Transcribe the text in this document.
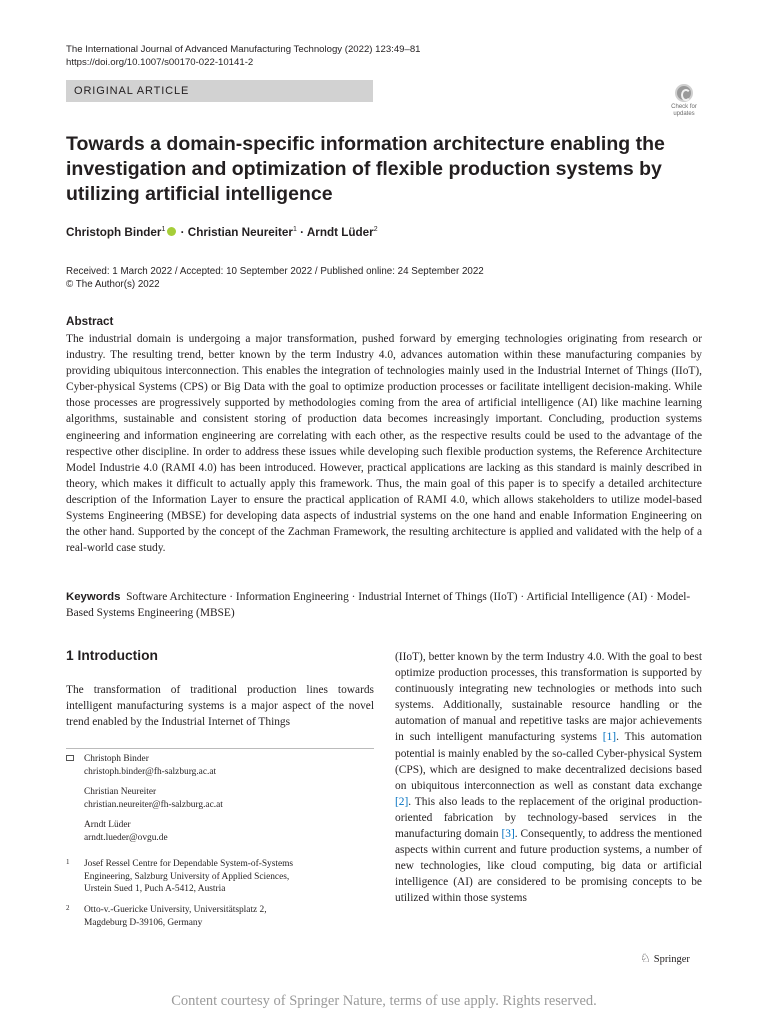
The International Journal of Advanced Manufacturing Technology (2022) 123:49–81
https://doi.org/10.1007/s00170-022-10141-2
ORIGINAL ARTICLE
Check for updates
Towards a domain-specific information architecture enabling the investigation and optimization of flexible production systems by utilizing artificial intelligence
Christoph Binder$^1$ · Christian Neureiter$^1$ · Arndt Lüder$^2$
Received: 1 March 2022 / Accepted: 10 September 2022 / Published online: 24 September 2022
© The Author(s) 2022
Abstract
The industrial domain is undergoing a major transformation, pushed forward by emerging technologies originating from research or industry. The resulting trend, better known by the term Industry 4.0, advances automation within these manufacturing companies by providing ubiquitous interconnection. This enables the integration of technologies mainly used in the Industrial Internet of Things (IIoT), Cyber-physical Systems (CPS) or Big Data with the goal to optimize production processes or facilitate intelligent decision-making. While those processes are progressively supported by methodologies coming from the area of artificial intelligence (AI) like machine learning algorithms, sustainable and consistent storing of production data becomes increasingly important. Concluding, production systems engineering and information engineering are correlating with each other, as the respective results could be used to the advantage of the respective other discipline. In order to address these issues while developing such flexible production systems, the Reference Architecture Model Industrie 4.0 (RAMI 4.0) has been introduced. However, practical applications are lacking as this standard is mainly described in theory, which makes it difficult to actually apply this framework. Thus, the main goal of this paper is to specify a detailed architecture description of the Information Layer to ensure the practical application of RAMI 4.0, which allows stakeholders to utilize model-based Systems Engineering (MBSE) for developing data aspects of industrial systems on the one hand and enable Information Engineering on the other hand. Supported by the concept of the Zachman Framework, the resulting architecture is applied and validated with the help of a real-world case study.
Keywords Software Architecture · Information Engineering · Industrial Internet of Things (IIoT) · Artificial Intelligence (AI) · Model-Based Systems Engineering (MBSE)
1 Introduction
The transformation of traditional production lines towards intelligent manufacturing systems is a major aspect of the novel trend enabled by the Industrial Internet of Things
(IIoT), better known by the term Industry 4.0. With the goal to best optimize production processes, this transformation is supported by continuously integrating new technologies or methods into such systems. Additionally, sustainable resource handling or the automation of manual and repetitive tasks are major achievements in such intelligent manufacturing systems [1]. This automation potential is mainly enabled by the so-called Cyber-physical System (CPS), which are designed to make decentralized decisions based on ubiquitous interconnection as well as constant data exchange [2]. This also leads to the replacement of the original production-oriented fabrication by technology-based services in the manufacturing domain [3]. Consequently, to address the mentioned aspects within current and future production systems, a number of new technologies, like cloud computing, big data or artificial intelligence (AI) are considered to be promising concepts to be utilized within those systems
Christoph Binder
christoph.binder@fh-salzburg.ac.at
Christian Neureiter
christian.neureiter@fh-salzburg.ac.at
Arndt Lüder
arndt.lueder@ovgu.de
1 Josef Ressel Centre for Dependable System-of-Systems
Engineering, Salzburg University of Applied Sciences,
Urstein Sued 1, Puch A-5412, Austria
2 Otto-v.-Guericke University, Universitätsplatz 2,
Magdeburg D-39106, Germany
♘ Springer
Content courtesy of Springer Nature, terms of use apply. Rights reserved.
